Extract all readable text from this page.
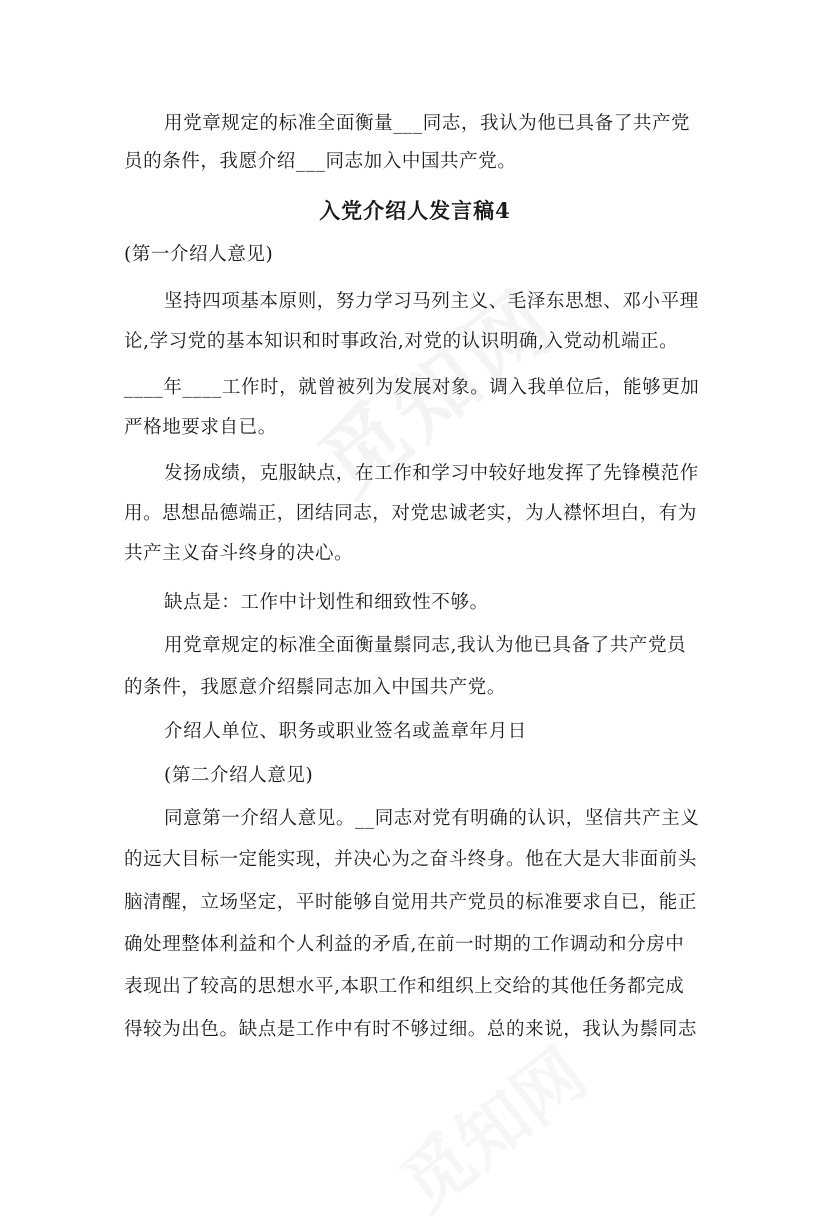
用党章规定的标准全面衡量___同志，我认为他已具备了共产党
员的条件，我愿介绍___同志加入中国共产党。
入党介绍人发言稿4
(第一介绍人意见)
坚持四项基本原则，努力学习马列主义、毛泽东思想、邓小平理
论,学习党的基本知识和时事政治,对党的认识明确,入党动机端正。
____年____工作时，就曾被列为发展对象。调入我单位后，能够更加
严格地要求自已。
发扬成绩，克服缺点，在工作和学习中较好地发挥了先锋模范作
用。思想品德端正，团结同志，对党忠诚老实，为人襟怀坦白，有为
共产主义奋斗终身的决心。
缺点是：工作中计划性和细致性不够。
用党章规定的标准全面衡量鬃同志,我认为他已具备了共产党员
的条件，我愿意介绍鬃同志加入中国共产党。
介绍人单位、职务或职业签名或盖章年月日
(第二介绍人意见)
同意第一介绍人意见。__同志对党有明确的认识，坚信共产主义
的远大目标一定能实现，并决心为之奋斗终身。他在大是大非面前头
脑清醒，立场坚定，平时能够自觉用共产党员的标准要求自已，能正
确处理整体利益和个人利益的矛盾,在前一时期的工作调动和分房中
表现出了较高的思想水平,本职工作和组织上交给的其他任务都完成
得较为出色。缺点是工作中有时不够过细。总的来说，我认为鬃同志
